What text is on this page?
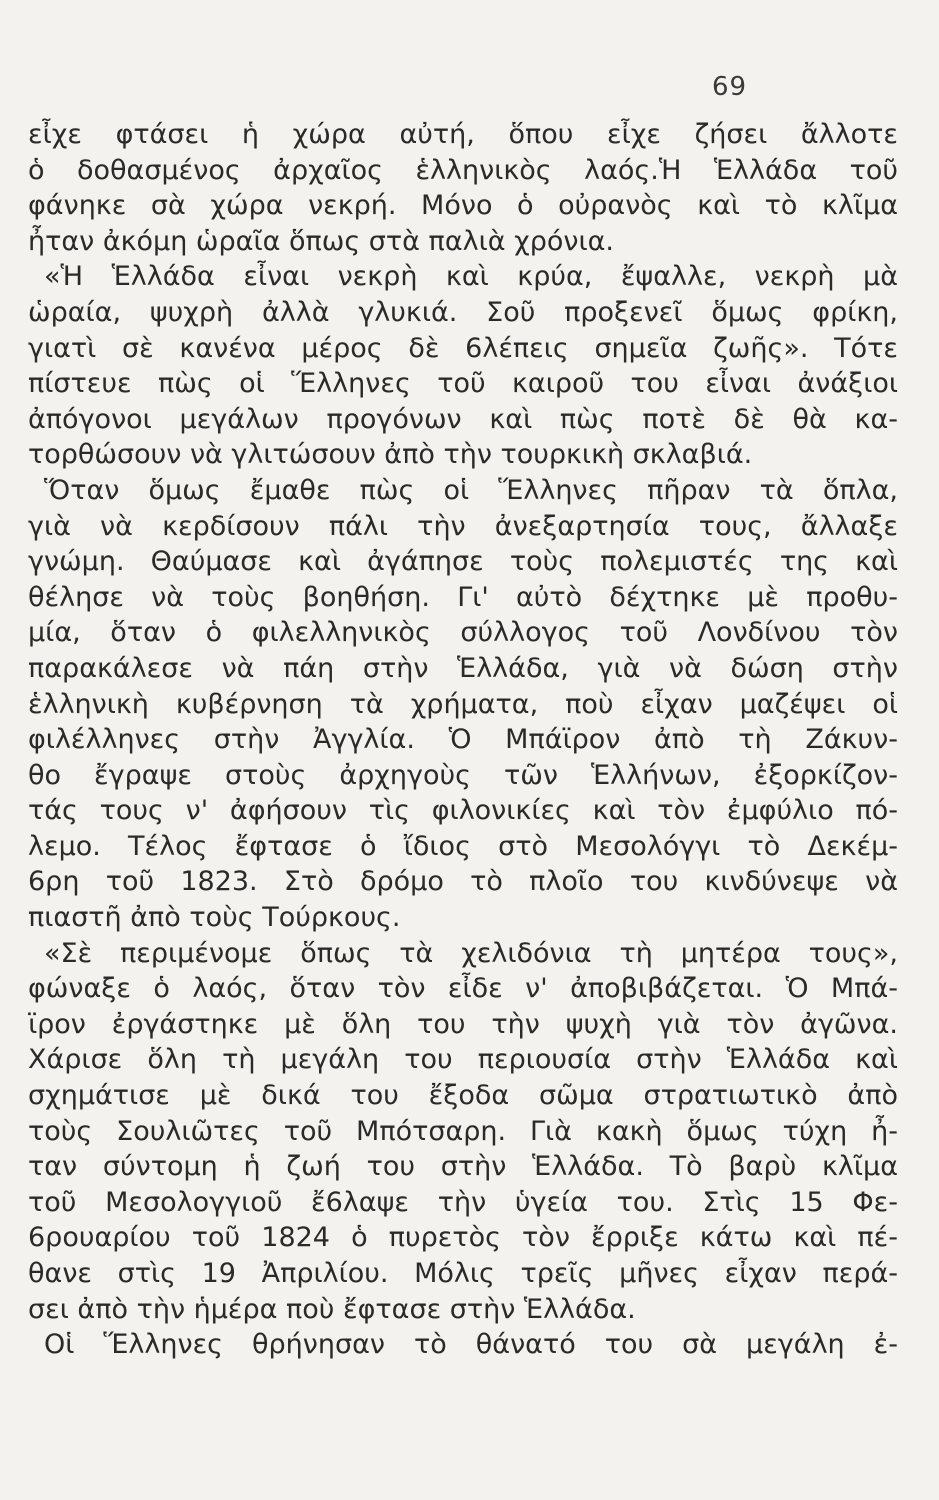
69
εἶχε φτάσει ἡ χώρα αὐτή, ὅπου εἶχε ζήσει ἄλλοτε
ὁ δοθασμένος ἀρχαῖος ἑλληνικὸς λαός.Ἡ Ἑλλάδα τοῦ
φάνηκε σὰ χώρα νεκρή. Μόνο ὁ οὐρανὸς καὶ τὸ κλῖμα
ἦταν ἀκόμη ὡραῖα ὅπως στὰ παλιὰ χρόνια.
«Ἡ Ἑλλάδα εἶναι νεκρὴ καὶ κρύα, ἔψαλλε, νεκρὴ μὰ
ὡραία, ψυχρὴ ἀλλὰ γλυκιά. Σοῦ προξενεῖ ὅμως φρίκη,
γιατὶ σὲ κανένα μέρος δὲ 6λέπεις σημεῖα ζωῆς». Τότε
πίστευε πὼς οἱ Ἕλληνες τοῦ καιροῦ του εἶναι ἀνάξιοι
ἀπόγονοι μεγάλων προγόνων καὶ πὼς ποτὲ δὲ θὰ κα-
τορθώσουν νὰ γλιτώσουν ἀπὸ τὴν τουρκικὴ σκλαβιά.
Ὅταν ὅμως ἔμαθε πὼς οἱ Ἕλληνες πῆραν τὰ ὅπλα,
γιὰ νὰ κερδίσουν πάλι τὴν ἀνεξαρτησία τους, ἄλλαξε
γνώμη. Θαύμασε καὶ ἀγάπησε τοὺς πολεμιστές της καὶ
θέλησε νὰ τοὺς βοηθήση. Γι' αὐτὸ δέχτηκε μὲ προθυ-
μία, ὅταν ὁ φιλελληνικὸς σύλλογος τοῦ Λονδίνου τὸν
παρακάλεσε νὰ πάη στὴν Ἑλλάδα, γιὰ νὰ δώση στὴν
ἑλληνικὴ κυβέρνηση τὰ χρήματα, ποὺ εἶχαν μαζέψει οἱ
φιλέλληνες στὴν Ἀγγλία. Ὁ Μπάϊρον ἀπὸ τὴ Ζάκυν-
θο ἔγραψε στοὺς ἀρχηγοὺς τῶν Ἑλλήνων, ἐξορκίζον-
τάς τους ν' ἀφήσουν τὶς φιλονικίες καὶ τὸν ἐμφύλιο πό-
λεμο. Τέλος ἔφτασε ὁ ἴδιος στὸ Μεσολόγγι τὸ Δεκέμ-
6ρη τοῦ 1823. Στὸ δρόμο τὸ πλοῖο του κινδύνεψε νὰ
πιαστῆ ἀπὸ τοὺς Τούρκους.
«Σὲ περιμένομε ὅπως τὰ χελιδόνια τὴ μητέρα τους»,
φώναξε ὁ λαός, ὅταν τὸν εἶδε ν' ἀποβιβάζεται. Ὁ Μπά-
ϊρον ἐργάστηκε μὲ ὅλη του τὴν ψυχὴ γιὰ τὸν ἀγῶνα.
Χάρισε ὅλη τὴ μεγάλη του περιουσία στὴν Ἑλλάδα καὶ
σχημάτισε μὲ δικά του ἔξοδα σῶμα στρατιωτικὸ ἀπὸ
τοὺς Σουλιῶτες τοῦ Μπότσαρη. Γιὰ κακὴ ὅμως τύχη ἦ-
ταν σύντομη ἡ ζωή του στὴν Ἑλλάδα. Τὸ βαρὺ κλῖμα
τοῦ Μεσολογγιοῦ ἔ6λαψε τὴν ὑγεία του. Στὶς 15 Φε-
6ρουαρίου τοῦ 1824 ὁ πυρετὸς τὸν ἔρριξε κάτω καὶ πέ-
θανε στὶς 19 Ἀπριλίου. Μόλις τρεῖς μῆνες εἶχαν περά-
σει ἀπὸ τὴν ἡμέρα ποὺ ἔφτασε στὴν Ἑλλάδα.
Οἱ Ἕλληνες θρήνησαν τὸ θάνατό του σὰ μεγάλη ἐ-
